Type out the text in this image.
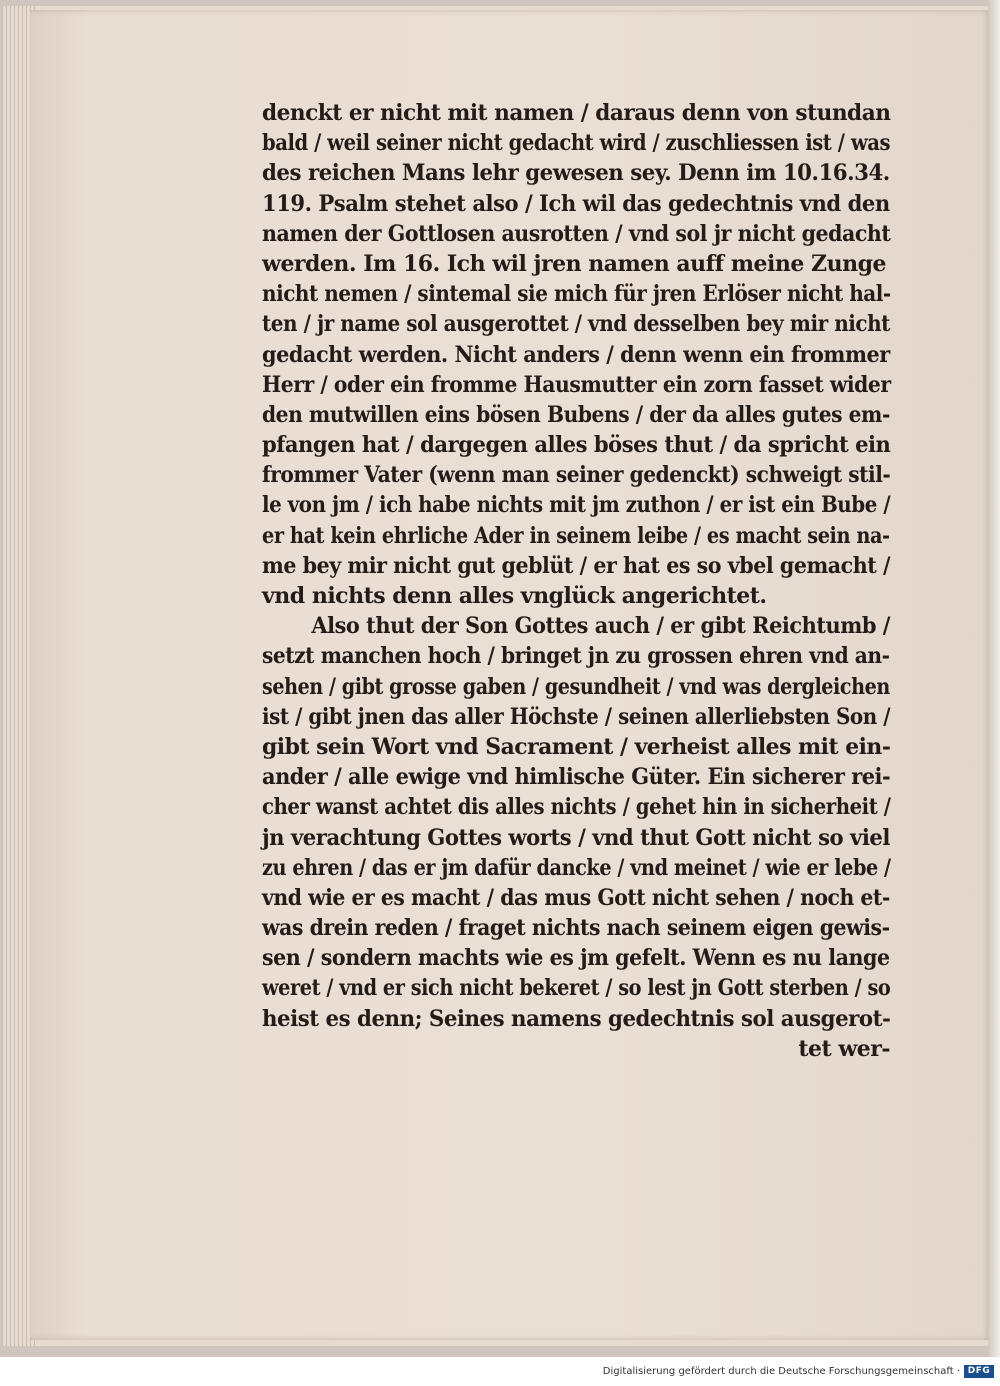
denckt er nicht mit namen / daraus denn von stundan
bald / weil seiner nicht gedacht wird / zuschliessen ist / was
des reichen Mans lehr gewesen sey. Denn im 10.16.34.
119. Psalm stehet also / Ich wil das gedechtnis vnd den
namen der Gottlosen ausrotten / vnd sol jr nicht gedacht
werden. Im 16. Ich wil jren namen auff meine Zunge
nicht nemen / sintemal sie mich für jren Erlöser nicht hal-
ten / jr name sol ausgerottet / vnd desselben bey mir nicht
gedacht werden. Nicht anders / denn wenn ein frommer
Herr / oder ein fromme Hausmutter ein zorn fasset wider
den mutwillen eins bösen Bubens / der da alles gutes em-
pfangen hat / dargegen alles böses thut / da spricht ein
frommer Vater (wenn man seiner gedenckt) schweigt stil-
le von jm / ich habe nichts mit jm zuthon / er ist ein Bube /
er hat kein ehrliche Ader in seinem leibe / es macht sein na-
me bey mir nicht gut geblüt / er hat es so vbel gemacht /
vnd nichts denn alles vnglück angerichtet.
Also thut der Son Gottes auch / er gibt Reichtumb /
setzt manchen hoch / bringet jn zu grossen ehren vnd an-
sehen / gibt grosse gaben / gesundheit / vnd was dergleichen
ist / gibt jnen das aller Höchste / seinen allerliebsten Son /
gibt sein Wort vnd Sacrament / verheist alles mit ein-
ander / alle ewige vnd himlische Güter. Ein sicherer rei-
cher wanst achtet dis alles nichts / gehet hin in sicherheit /
jn verachtung Gottes worts / vnd thut Gott nicht so viel
zu ehren / das er jm dafür dancke / vnd meinet / wie er lebe /
vnd wie er es macht / das mus Gott nicht sehen / noch et-
was drein reden / fraget nichts nach seinem eigen gewis-
sen / sondern machts wie es jm gefelt. Wenn es nu lange
weret / vnd er sich nicht bekeret / so lest jn Gott sterben / so
heist es denn; Seines namens gedechtnis sol ausgerot-
tet wer-
Digitalisierung gefördert durch die Deutsche Forschungsgemeinschaft · DFG
